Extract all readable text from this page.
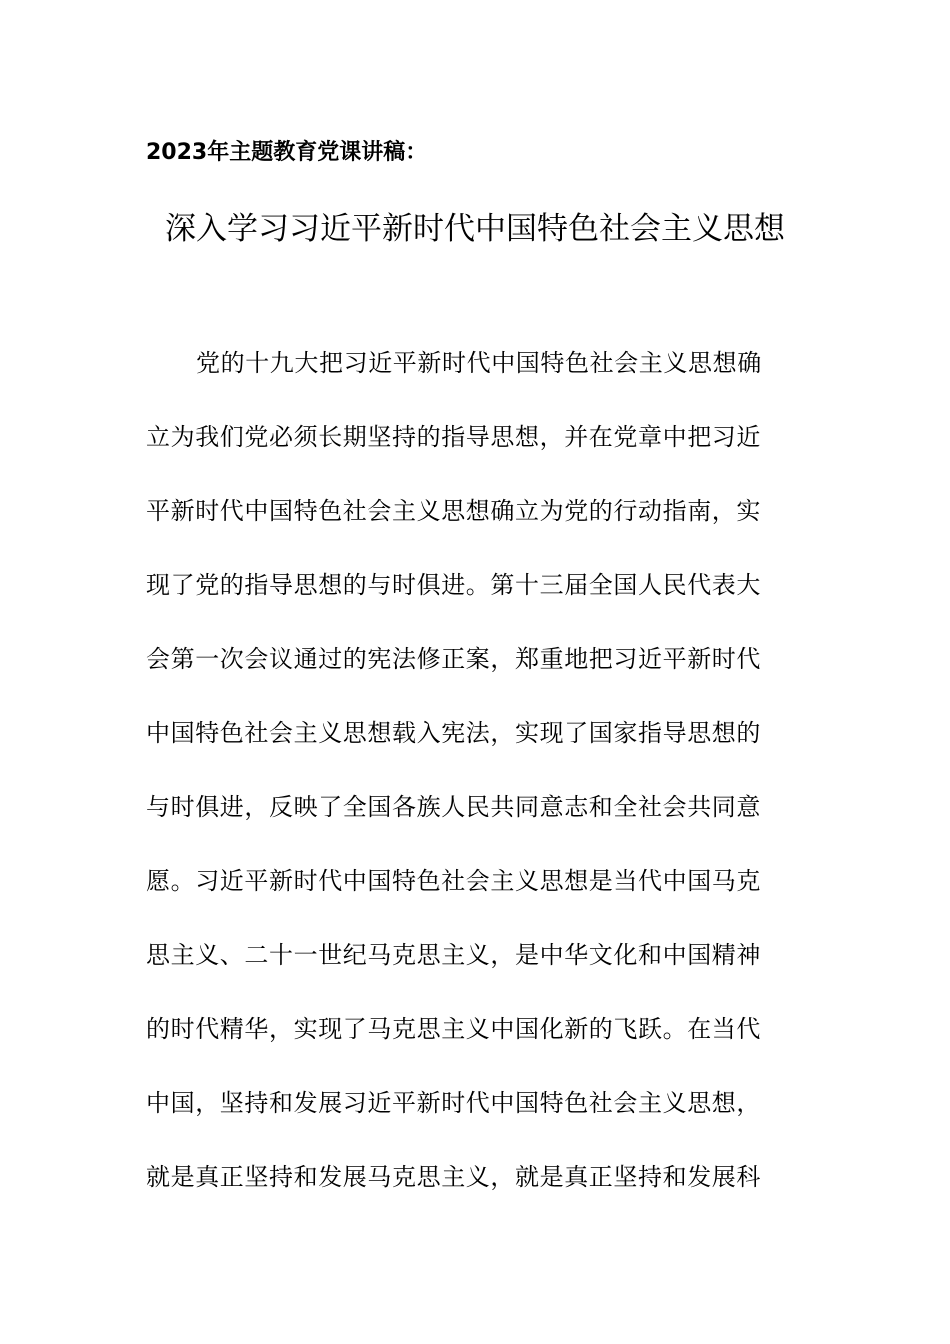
2023年主题教育党课讲稿：
深入学习习近平新时代中国特色社会主义思想
党的十九大把习近平新时代中国特色社会主义思想确
立为我们党必须长期坚持的指导思想，并在党章中把习近
平新时代中国特色社会主义思想确立为党的行动指南，实
现了党的指导思想的与时俱进。第十三届全国人民代表大
会第一次会议通过的宪法修正案，郑重地把习近平新时代
中国特色社会主义思想载入宪法，实现了国家指导思想的
与时俱进，反映了全国各族人民共同意志和全社会共同意
愿。习近平新时代中国特色社会主义思想是当代中国马克
思主义、二十一世纪马克思主义，是中华文化和中国精神
的时代精华，实现了马克思主义中国化新的飞跃。在当代
中国，坚持和发展习近平新时代中国特色社会主义思想，
就是真正坚持和发展马克思主义，就是真正坚持和发展科
